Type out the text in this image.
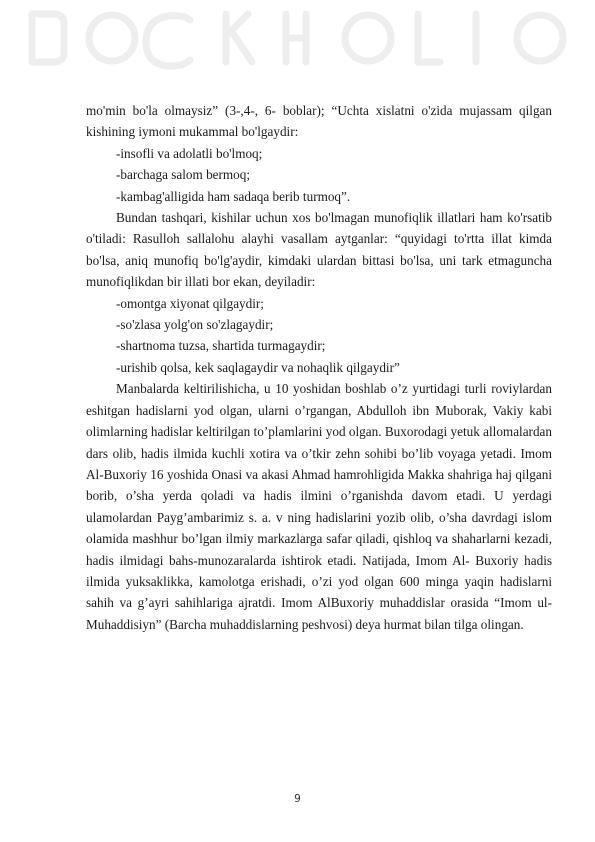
mo'min bo'la olmaysiz” (3-,4-, 6- boblar); “Uchta xislatni o'zida mujassam qilgan kishining iymoni mukammal bo'lgaydir:

-insofli va adolatli bo'lmoq;

-barchaga salom bermoq;

-kambag'alligida ham sadaqa berib turmoq”.

Bundan tashqari, kishilar uchun xos bo'lmagan munofiqlik illatlari ham ko'rsatib o'tiladi: Rasulloh sallalohu alayhi vasallam aytganlar: “quyidagi to'rtta illat kimda bo'lsa, aniq munofiq bo'lg'aydir, kimdaki ulardan bittasi bo'lsa, uni tark etmaguncha munofiqlikdan bir illati bor ekan, deyiladir:

-omontga xiyonat qilgaydir;

-so'zlasa yolg'on so'zlagaydir;

-shartnoma tuzsa, shartida turmagaydir;

-urishib qolsa, kek saqlagaydir va nohaqlik qilgaydir”

Manbalarda keltirilishicha, u 10 yoshidan boshlab o’z yurtidagi turli roviylardan eshitgan hadislarni yod olgan, ularni o’rgangan, Abdulloh ibn Muborak, Vakiy kabi olimlarning hadislar keltirilgan to’plamlarini yod olgan. Buxorodagi yetuk allomalardan dars olib, hadis ilmida kuchli xotira va o’tkir zehn sohibi bo’lib voyaga yetadi. Imom Al-Buxoriy 16 yoshida Onasi va akasi Ahmad hamrohligida Makka shahriga haj qilgani borib, o’sha yerda qoladi va hadis ilmini o’rganishda davom etadi. U yerdagi ulamolardan Payg’ambarimiz s. a. v ning hadislarini yozib olib, o’sha davrdagi islom olamida mashhur bo’lgan ilmiy markazlarga safar qiladi, qishloq va shaharlarni kezadi, hadis ilmidagi bahs-munozaralarda ishtirok etadi. Natijada, Imom Al- Buxoriy hadis ilmida yuksaklikka, kamolotga erishadi, o’zi yod olgan 600 minga yaqin hadislarni sahih va g’ayri sahihlariga ajratdi. Imom AlBuxoriy muhaddislar orasida “Imom ul-Muhaddisiyn” (Barcha muhaddislarning peshvosi) deya hurmat bilan tilga olingan.

9
